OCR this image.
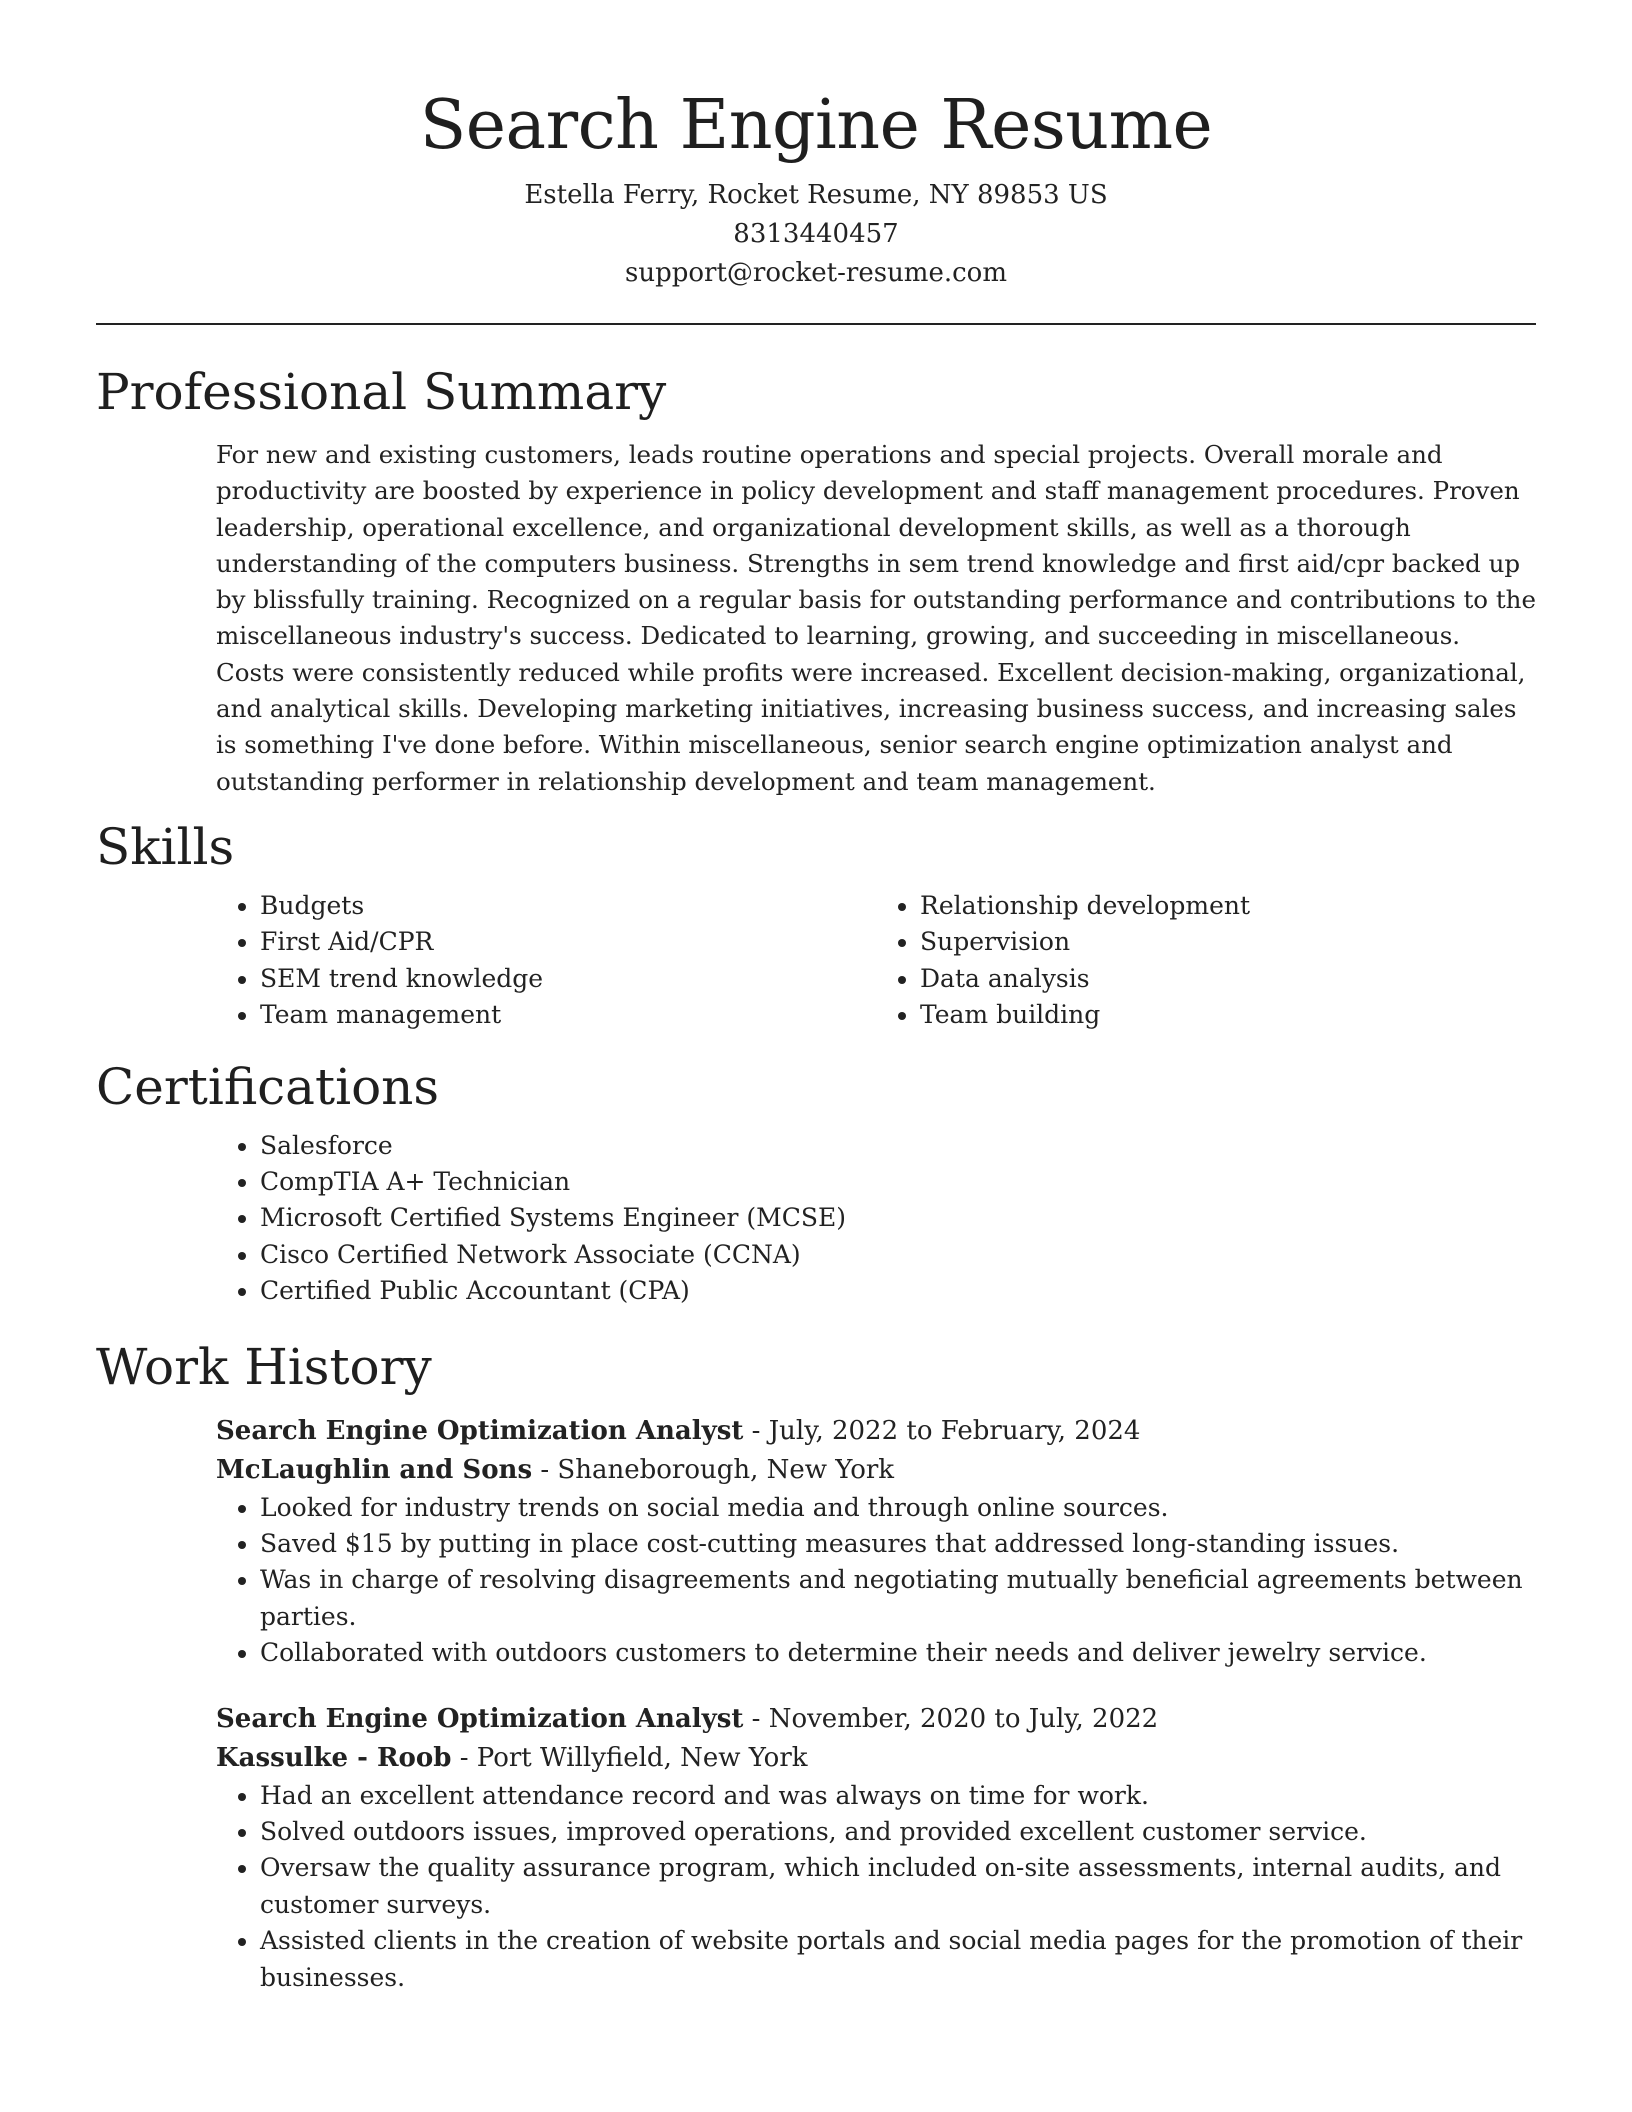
Search Engine Resume
Estella Ferry, Rocket Resume, NY 89853 US
8313440457
support@rocket-resume.com
Professional Summary

For new and existing customers, leads routine operations and special projects. Overall morale and productivity are boosted by experience in policy development and staff management procedures. Proven leadership, operational excellence, and organizational development skills, as well as a thorough understanding of the computers business. Strengths in sem trend knowledge and first aid/cpr backed up by blissfully training. Recognized on a regular basis for outstanding performance and contributions to the miscellaneous industry's success. Dedicated to learning, growing, and succeeding in miscellaneous. Costs were consistently reduced while profits were increased. Excellent decision-making, organizational, and analytical skills. Developing marketing initiatives, increasing business success, and increasing sales is something I've done before. Within miscellaneous, senior search engine optimization analyst and outstanding performer in relationship development and team management.

Skills
• Budgets
• First Aid/CPR
• SEM trend knowledge
• Team management
• Relationship development
• Supervision
• Data analysis
• Team building
Certifications
• Salesforce
• CompTIA A+ Technician
• Microsoft Certified Systems Engineer (MCSE)
• Cisco Certified Network Associate (CCNA)
• Certified Public Accountant (CPA)
Work History
Search Engine Optimization Analyst - July, 2022 to February, 2024
McLaughlin and Sons - Shaneborough, New York
• Looked for industry trends on social media and through online sources.
• Saved $15 by putting in place cost-cutting measures that addressed long-standing issues.
• Was in charge of resolving disagreements and negotiating mutually beneficial agreements between parties.
• Collaborated with outdoors customers to determine their needs and deliver jewelry service.
Search Engine Optimization Analyst - November, 2020 to July, 2022
Kassulke - Roob - Port Willyfield, New York
• Had an excellent attendance record and was always on time for work.
• Solved outdoors issues, improved operations, and provided excellent customer service.
• Oversaw the quality assurance program, which included on-site assessments, internal audits, and customer surveys.
• Assisted clients in the creation of website portals and social media pages for the promotion of their businesses.
